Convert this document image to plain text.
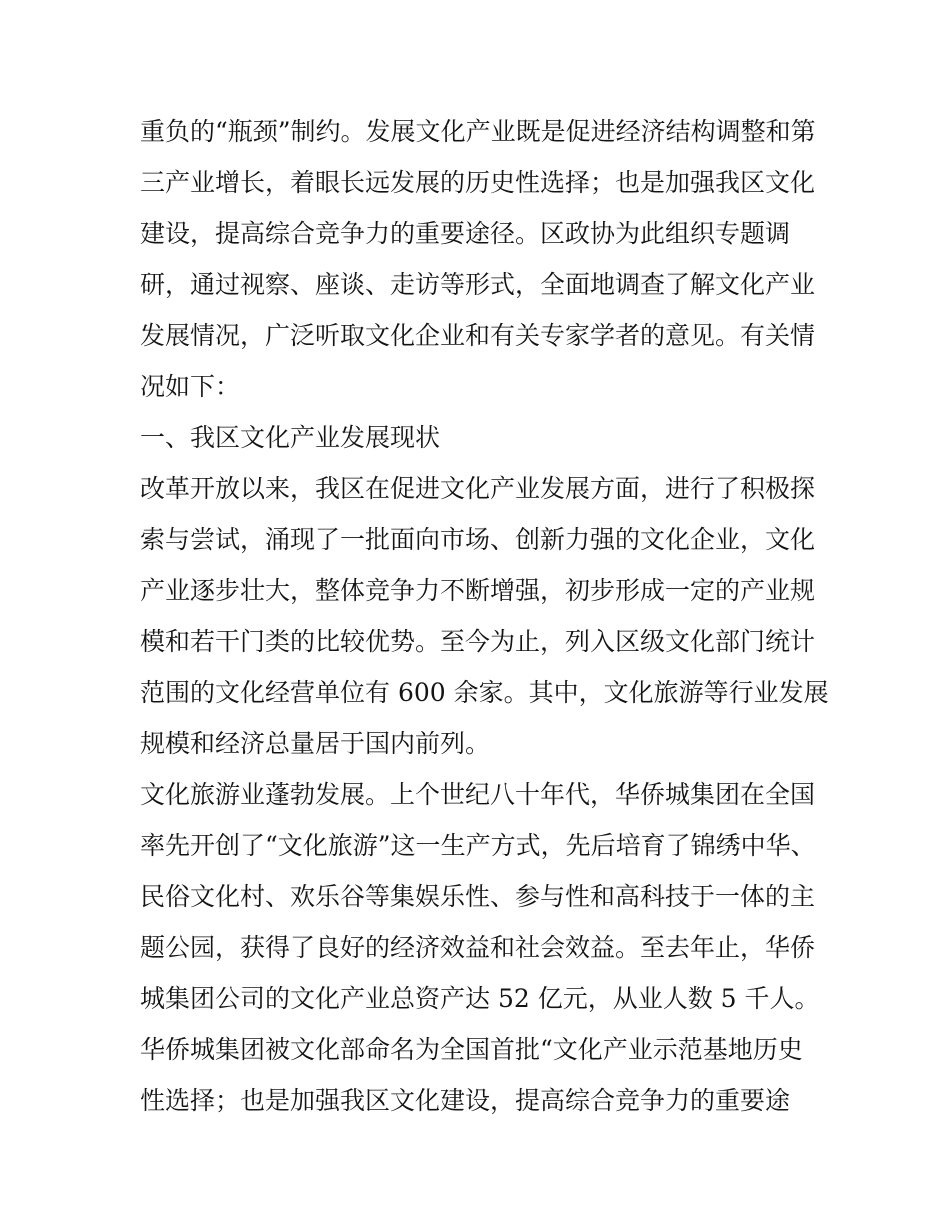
重负的“瓶颈”制约。发展文化产业既是促进经济结构调整和第
三产业增长，着眼长远发展的历史性选择；也是加强我区文化
建设，提高综合竞争力的重要途径。区政协为此组织专题调
研，通过视察、座谈、走访等形式，全面地调查了解文化产业
发展情况，广泛听取文化企业和有关专家学者的意见。有关情
况如下：

一、我区文化产业发展现状

改革开放以来，我区在促进文化产业发展方面，进行了积极探
索与尝试，涌现了一批面向市场、创新力强的文化企业，文化
产业逐步壮大，整体竞争力不断增强，初步形成一定的产业规
模和若干门类的比较优势。至今为止，列入区级文化部门统计
范围的文化经营单位有 600 余家。其中，文化旅游等行业发展
规模和经济总量居于国内前列。

文化旅游业蓬勃发展。上个世纪八十年代，华侨城集团在全国
率先开创了“文化旅游”这一生产方式，先后培育了锦绣中华、
民俗文化村、欢乐谷等集娱乐性、参与性和高科技于一体的主
题公园，获得了良好的经济效益和社会效益。至去年止，华侨
城集团公司的文化产业总资产达 52 亿元，从业人数 5 千人。
华侨城集团被文化部命名为全国首批“文化产业示范基地历史
性选择；也是加强我区文化建设，提高综合竞争力的重要途
